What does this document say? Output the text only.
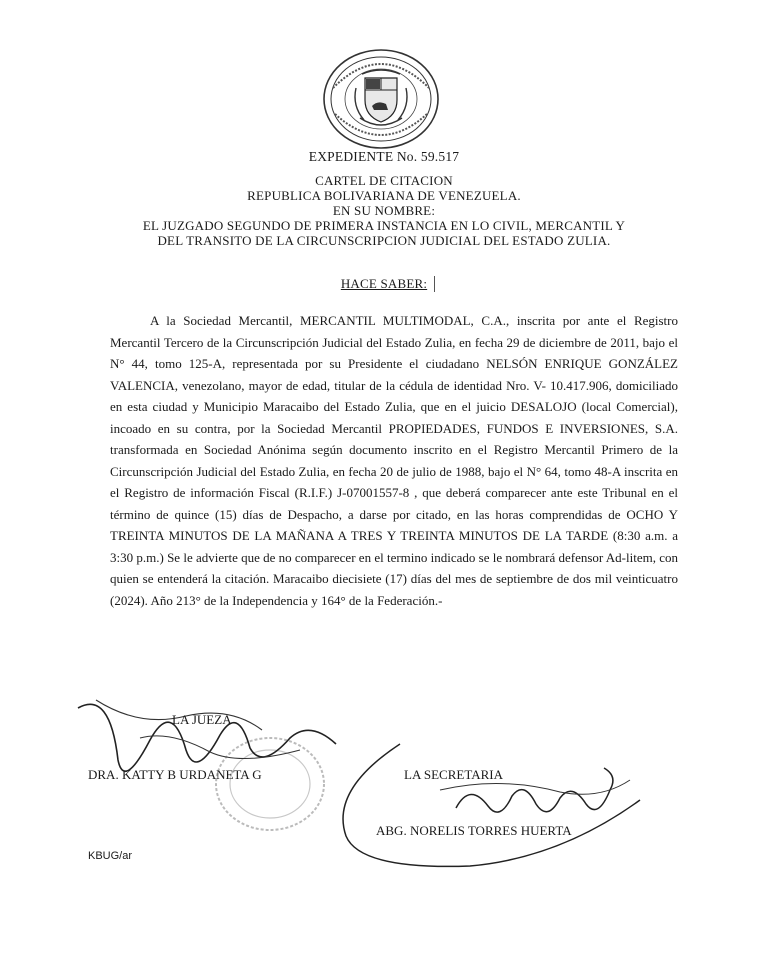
EXPEDIENTE No. 59.517
CARTEL DE CITACION
REPUBLICA BOLIVARIANA DE VENEZUELA.
EN SU NOMBRE:
EL JUZGADO SEGUNDO DE PRIMERA INSTANCIA EN LO CIVIL, MERCANTIL Y
DEL TRANSITO DE LA CIRCUNSCRIPCION JUDICIAL DEL ESTADO ZULIA.
HACE SABER:
A la Sociedad Mercantil, MERCANTIL MULTIMODAL, C.A., inscrita por ante el Registro Mercantil Tercero de la Circunscripción Judicial del Estado Zulia, en fecha 29 de diciembre de 2011, bajo el N° 44, tomo 125-A, representada por su Presidente el ciudadano NELSÓN ENRIQUE GONZÁLEZ VALENCIA, venezolano, mayor de edad, titular de la cédula de identidad Nro. V- 10.417.906, domiciliado en esta ciudad y Municipio Maracaibo del Estado Zulia, que en el juicio DESALOJO (local Comercial), incoado en su contra, por la Sociedad Mercantil PROPIEDADES, FUNDOS E INVERSIONES, S.A. transformada en Sociedad Anónima según documento inscrito en el Registro Mercantil Primero de la Circunscripción Judicial del Estado Zulia, en fecha 20 de julio de 1988, bajo el N° 64, tomo 48-A inscrita en el Registro de información Fiscal (R.I.F.) J-07001557-8 , que deberá comparecer ante este Tribunal en el término de quince (15) días de Despacho, a darse por citado, en las horas comprendidas de OCHO Y TREINTA MINUTOS DE LA MAÑANA A TRES Y TREINTA MINUTOS DE LA TARDE (8:30 a.m. a 3:30 p.m.) Se le advierte que de no comparecer en el termino indicado se le nombrará defensor Ad-litem, con quien se entenderá la citación. Maracaibo diecisiete (17) días del mes de septiembre de dos mil veinticuatro (2024). Año 213° de la Independencia y 164° de la Federación.-
LA JUEZA
DRA. KATTY B URDANETA G	LA SECRETARIA
ABG. NORELIS TORRES HUERTA
KBUG/ar
